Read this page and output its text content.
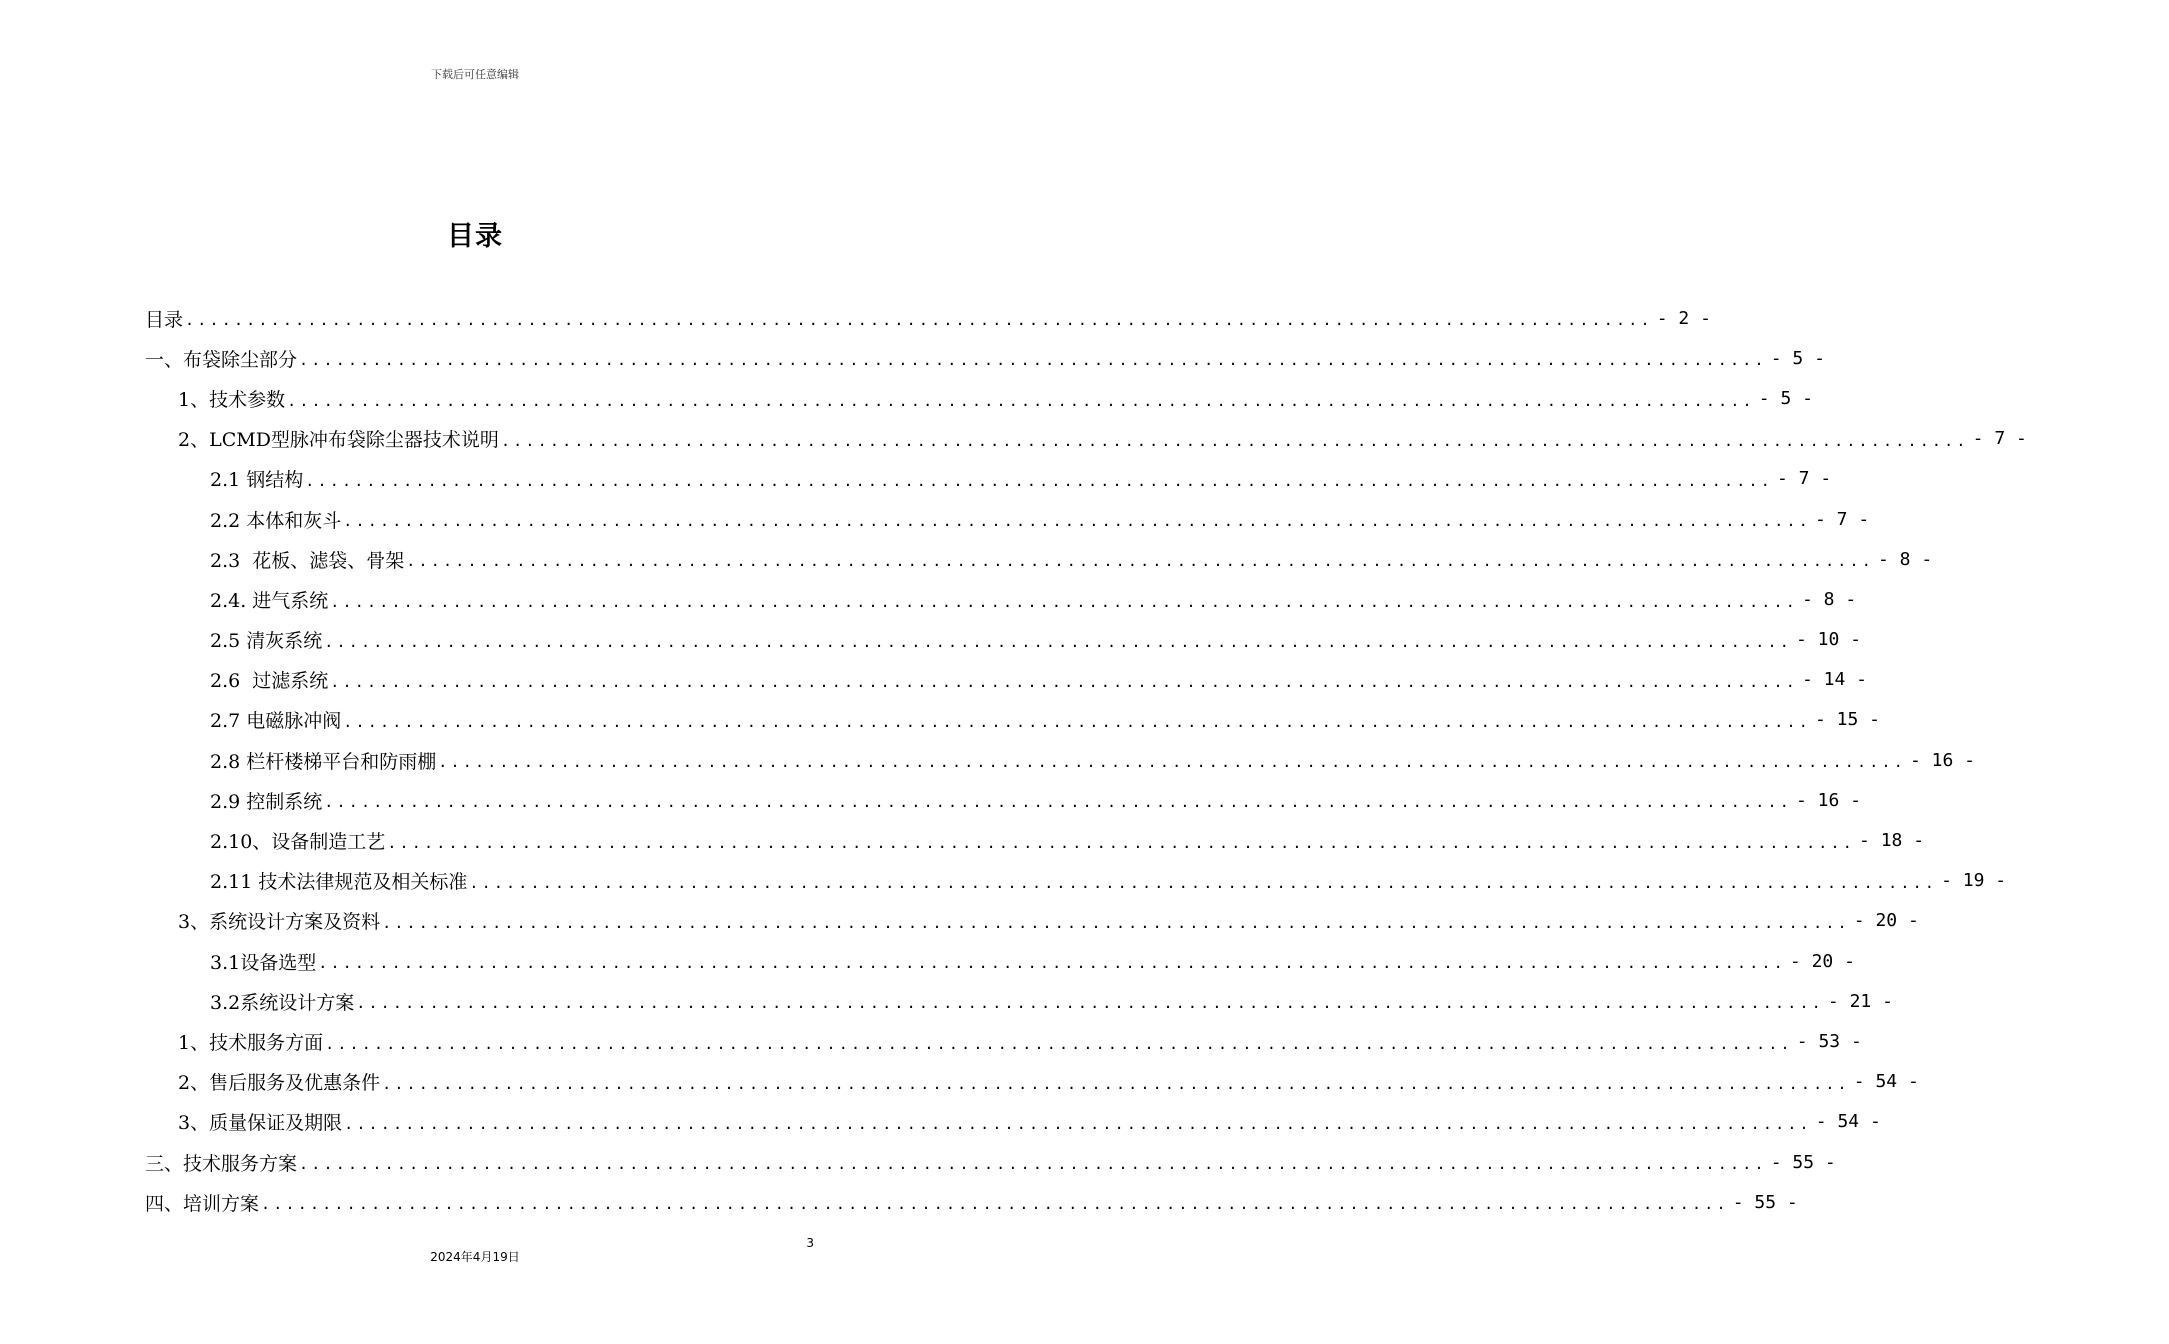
下载后可任意编辑
目录
目录 ........................................................................................................................ - 2 -
一、布袋除尘部分 ........................................................................................................................ - 5 -
1、技术参数 ........................................................................................................................ - 5 -
2、LCMD型脉冲布袋除尘器技术说明 ........................................................................................................................ - 7 -
2.1 钢结构 ........................................................................................................................ - 7 -
2.2 本体和灰斗 ........................................................................................................................ - 7 -
2.3  花板、滤袋、骨架 ........................................................................................................................ - 8 -
2.4. 进气系统 ........................................................................................................................ - 8 -
2.5 清灰系统 ........................................................................................................................ - 10 -
2.6  过滤系统 ........................................................................................................................ - 14 -
2.7 电磁脉冲阀 ........................................................................................................................ - 15 -
2.8 栏杆楼梯平台和防雨棚 ........................................................................................................................ - 16 -
2.9 控制系统 ........................................................................................................................ - 16 -
2.10、设备制造工艺 ........................................................................................................................ - 18 -
2.11 技术法律规范及相关标准 ........................................................................................................................ - 19 -
3、系统设计方案及资料 ........................................................................................................................ - 20 -
3.1设备选型 ........................................................................................................................ - 20 -
3.2系统设计方案 ........................................................................................................................ - 21 -
1、技术服务方面 ........................................................................................................................ - 53 -
2、售后服务及优惠条件 ........................................................................................................................ - 54 -
3、质量保证及期限 ........................................................................................................................ - 54 -
三、技术服务方案 ........................................................................................................................ - 55 -
四、培训方案 ........................................................................................................................ - 55 -
3
2024年4月19日
